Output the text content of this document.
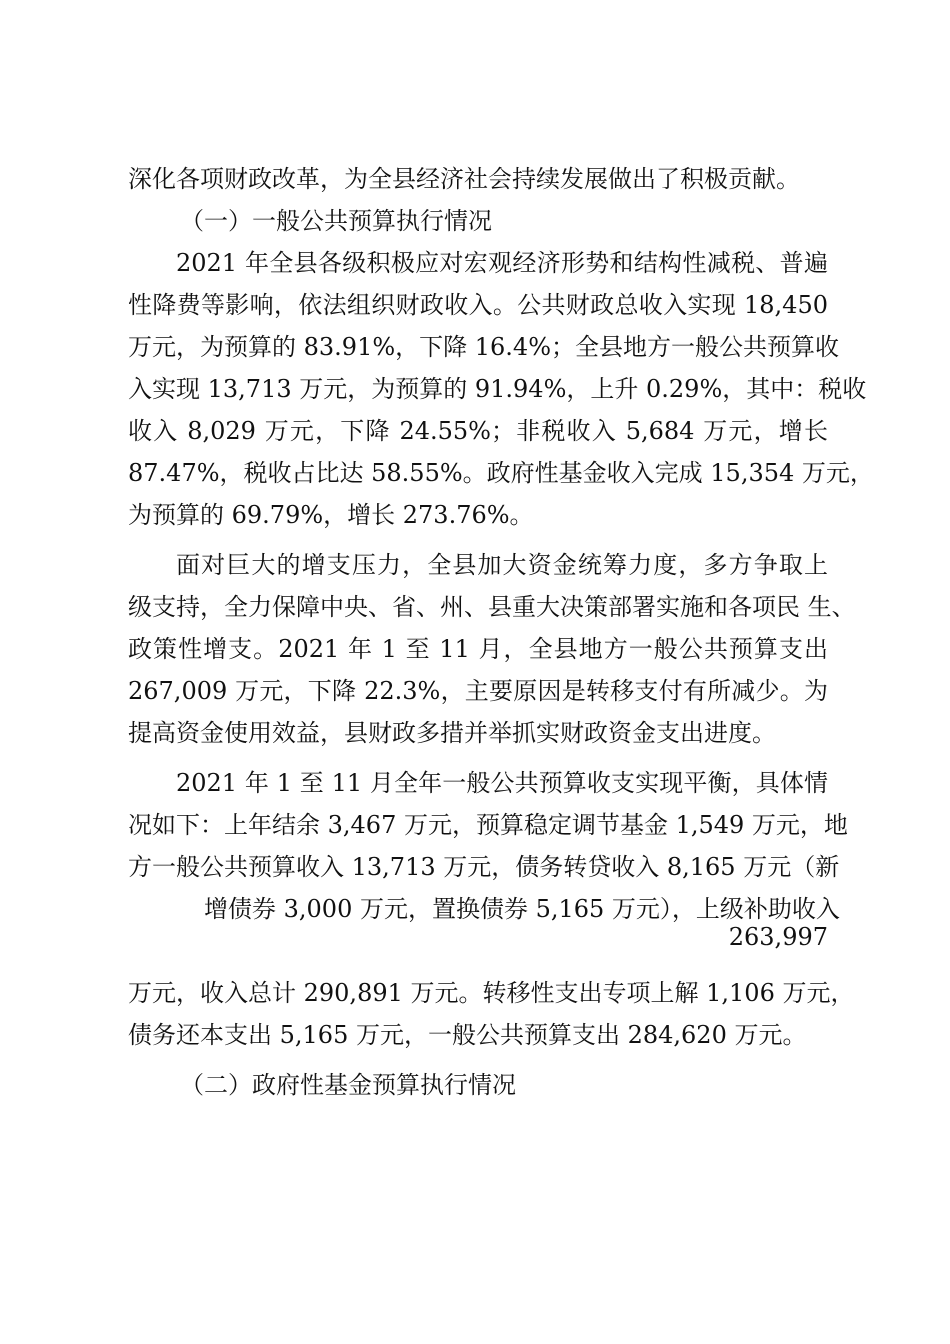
深化各项财政改革，为全县经济社会持续发展做出了积极贡献。
（一）一般公共预算执行情况
2021 年全县各级积极应对宏观经济形势和结构性减税、普遍
性降费等影响，依法组织财政收入。公共财政总收入实现 18,450
万元，为预算的 83.91%，下降 16.4%；全县地方一般公共预算收
入实现 13,713 万元，为预算的 91.94%，上升 0.29%，其中：税收
收入 8,029 万元，下降 24.55%；非税收入 5,684 万元，增长
87.47%，税收占比达 58.55%。政府性基金收入完成 15,354 万元，
为预算的 69.79%，增长 273.76%。
面对巨大的增支压力，全县加大资金统筹力度，多方争取上
级支持，全力保障中央、省、州、县重大决策部署实施和各项民 生、
政策性增支。2021 年 1 至 11 月，全县地方一般公共预算支出
267,009 万元，下降 22.3%，主要原因是转移支付有所减少。为
提高资金使用效益，县财政多措并举抓实财政资金支出进度。
2021 年 1 至 11 月全年一般公共预算收支实现平衡，具体情
况如下：上年结余 3,467 万元，预算稳定调节基金 1,549 万元，地
方一般公共预算收入 13,713 万元，债务转贷收入 8,165 万元（新
增债券 3,000 万元，置换债券 5,165 万元），上级补助收入
263,997
万元，收入总计 290,891 万元。转移性支出专项上解 1,106 万元，
债务还本支出 5,165 万元，一般公共预算支出 284,620 万元。
（二）政府性基金预算执行情况
